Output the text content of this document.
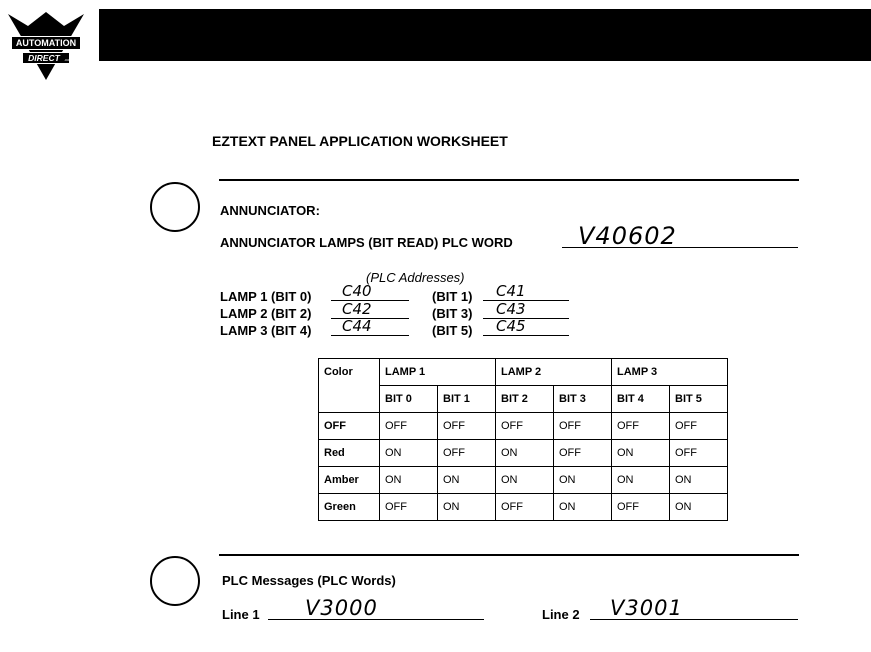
AUTOMATION
DIRECT .com
EZTEXT PANEL APPLICATION WORKSHEET
ANNUNCIATOR:
ANNUNCIATOR LAMPS (BIT READ) PLC WORD	V40602
(PLC Addresses)
LAMP 1 (BIT 0) C40	(BIT 1) C41
LAMP 2 (BIT 2) C42	(BIT 3) C43
LAMP 3 (BIT 4) C44	(BIT 5) C45
Color	LAMP 1		LAMP 2		LAMP 3	
	BIT 0	BIT 1	BIT 2	BIT 3	BIT 4	BIT 5
OFF	OFF	OFF	OFF	OFF	OFF	OFF
Red	ON	OFF	ON	OFF	ON	OFF
Amber	ON	ON	ON	ON	ON	ON
Green	OFF	ON	OFF	ON	OFF	ON
PLC Messages (PLC Words)
Line 1 V3000	Line 2 V3001
